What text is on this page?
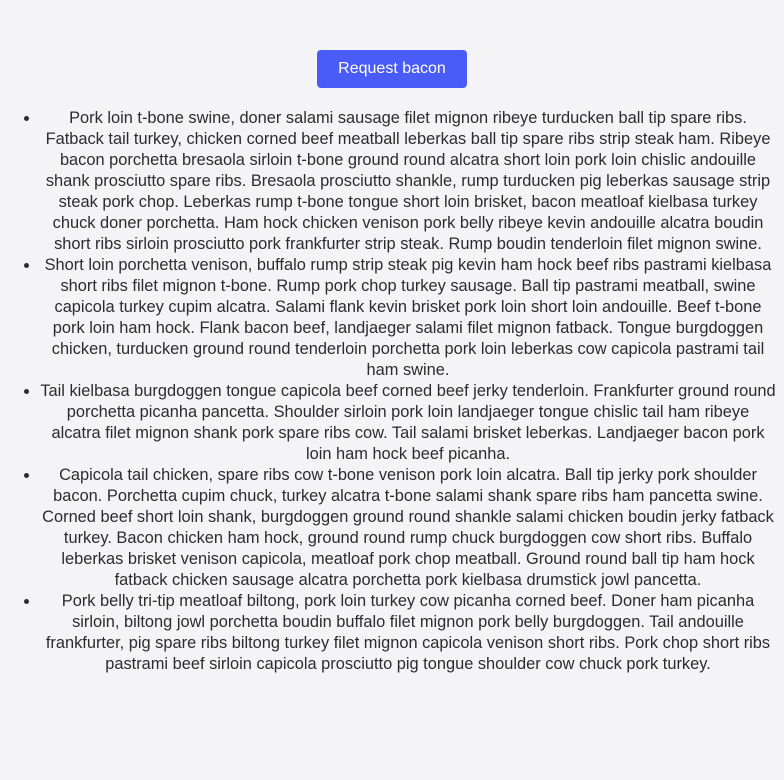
Request bacon
• Pork loin t-bone swine, doner salami sausage filet mignon ribeye turducken ball tip spare ribs. Fatback tail turkey, chicken corned beef meatball leberkas ball tip spare ribs strip steak ham. Ribeye bacon porchetta bresaola sirloin t-bone ground round alcatra short loin pork loin chislic andouille shank prosciutto spare ribs. Bresaola prosciutto shankle, rump turducken pig leberkas sausage strip steak pork chop. Leberkas rump t-bone tongue short loin brisket, bacon meatloaf kielbasa turkey chuck doner porchetta. Ham hock chicken venison pork belly ribeye kevin andouille alcatra boudin short ribs sirloin prosciutto pork frankfurter strip steak. Rump boudin tenderloin filet mignon swine.
• Short loin porchetta venison, buffalo rump strip steak pig kevin ham hock beef ribs pastrami kielbasa short ribs filet mignon t-bone. Rump pork chop turkey sausage. Ball tip pastrami meatball, swine capicola turkey cupim alcatra. Salami flank kevin brisket pork loin short loin andouille. Beef t-bone pork loin ham hock. Flank bacon beef, landjaeger salami filet mignon fatback. Tongue burgdoggen chicken, turducken ground round tenderloin porchetta pork loin leberkas cow capicola pastrami tail ham swine.
• Tail kielbasa burgdoggen tongue capicola beef corned beef jerky tenderloin. Frankfurter ground round porchetta picanha pancetta. Shoulder sirloin pork loin landjaeger tongue chislic tail ham ribeye alcatra filet mignon shank pork spare ribs cow. Tail salami brisket leberkas. Landjaeger bacon pork loin ham hock beef picanha.
• Capicola tail chicken, spare ribs cow t-bone venison pork loin alcatra. Ball tip jerky pork shoulder bacon. Porchetta cupim chuck, turkey alcatra t-bone salami shank spare ribs ham pancetta swine. Corned beef short loin shank, burgdoggen ground round shankle salami chicken boudin jerky fatback turkey. Bacon chicken ham hock, ground round rump chuck burgdoggen cow short ribs. Buffalo leberkas brisket venison capicola, meatloaf pork chop meatball. Ground round ball tip ham hock fatback chicken sausage alcatra porchetta pork kielbasa drumstick jowl pancetta.
• Pork belly tri-tip meatloaf biltong, pork loin turkey cow picanha corned beef. Doner ham picanha sirloin, biltong jowl porchetta boudin buffalo filet mignon pork belly burgdoggen. Tail andouille frankfurter, pig spare ribs biltong turkey filet mignon capicola venison short ribs. Pork chop short ribs pastrami beef sirloin capicola prosciutto pig tongue shoulder cow chuck pork turkey.
